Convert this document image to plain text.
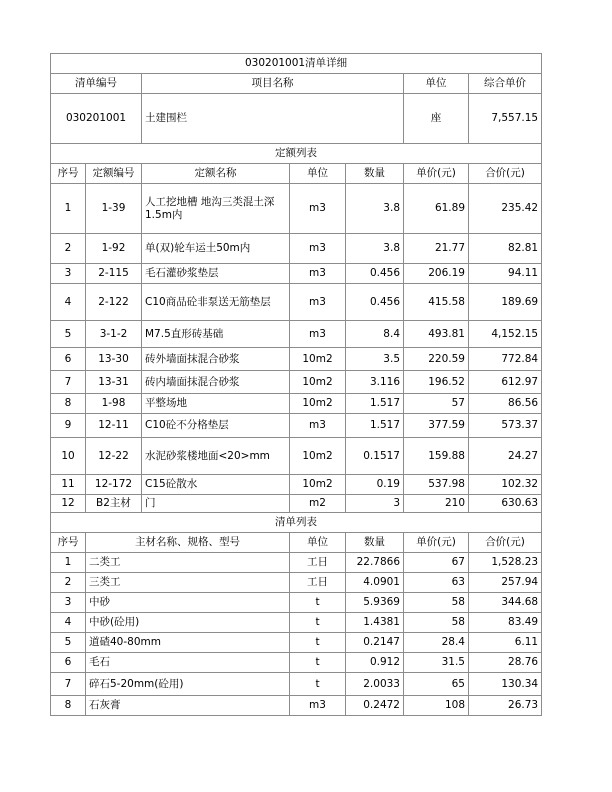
030201001清单详细						
清单编号		项目名称			单位	综合单价
030201001		土建围栏			座	7,557.15
定额列表						
序号	定额编号	定额名称	单位	数量	单价(元)	合价(元)
1	1-39	人工挖地槽 地沟三类混土深1.5m内	m3	3.8	61.89	235.42
2	1-92	单(双)轮车运土50m内	m3	3.8	21.77	82.81
3	2-115	毛石灌砂浆垫层	m3	0.456	206.19	94.11
4	2-122	C10商品砼非泵送无筋垫层	m3	0.456	415.58	189.69
5	3-1-2	M7.5直形砖基础	m3	8.4	493.81	4,152.15
6	13-30	砖外墙面抹混合砂浆	10m2	3.5	220.59	772.84
7	13-31	砖内墙面抹混合砂浆	10m2	3.116	196.52	612.97
8	1-98	平整场地	10m2	1.517	57	86.56
9	12-11	C10砼不分格垫层	m3	1.517	377.59	573.37
10	12-22	水泥砂浆楼地面<20>mm	10m2	0.1517	159.88	24.27
11	12-172	C15砼散水	10m2	0.19	537.98	102.32
12	B2主材	门	m2	3	210	630.63
清单列表						
序号	主材名称、规格、型号		单位	数量	单价(元)	合价(元)
1	二类工		工日	22.7866	67	1,528.23
2	三类工		工日	4.0901	63	257.94
3	中砂		t	5.9369	58	344.68
4	中砂(砼用)		t	1.4381	58	83.49
5	道碴40-80mm		t	0.2147	28.4	6.11
6	毛石		t	0.912	31.5	28.76
7	碎石5-20mm(砼用)		t	2.0033	65	130.34
8	石灰膏		m3	0.2472	108	26.73
